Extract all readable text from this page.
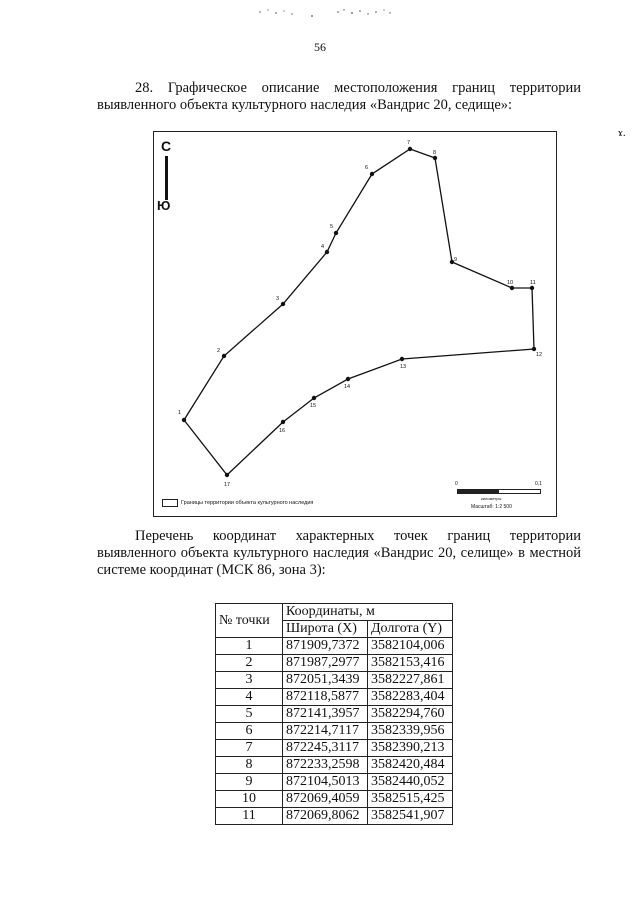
ɤ.
56
28. Графическое описание местоположения границ территории выявленного объекта культурного наследия «Вандрис 20, седище»:
1
2
3
4
5
6
7
8
9
10	11
12
13
14
15
16
17
С
Ю
Границы территории объекта культурного наследия
0	0,1
километры
Масштаб: 1:2 500
Перечень координат характерных точек границ территории выявленного объекта культурного наследия «Вандрис 20, селище» в местной системе координат (МСК 86, зона 3):
№ точки	Координаты, м	
	Широта (X)	Долгота (Y)
1	871909,7372	3582104,006
2	871987,2977	3582153,416
3	872051,3439	3582227,861
4	872118,5877	3582283,404
5	872141,3957	3582294,760
6	872214,7117	3582339,956
7	872245,3117	3582390,213
8	872233,2598	3582420,484
9	872104,5013	3582440,052
10	872069,4059	3582515,425
11	872069,8062	3582541,907
